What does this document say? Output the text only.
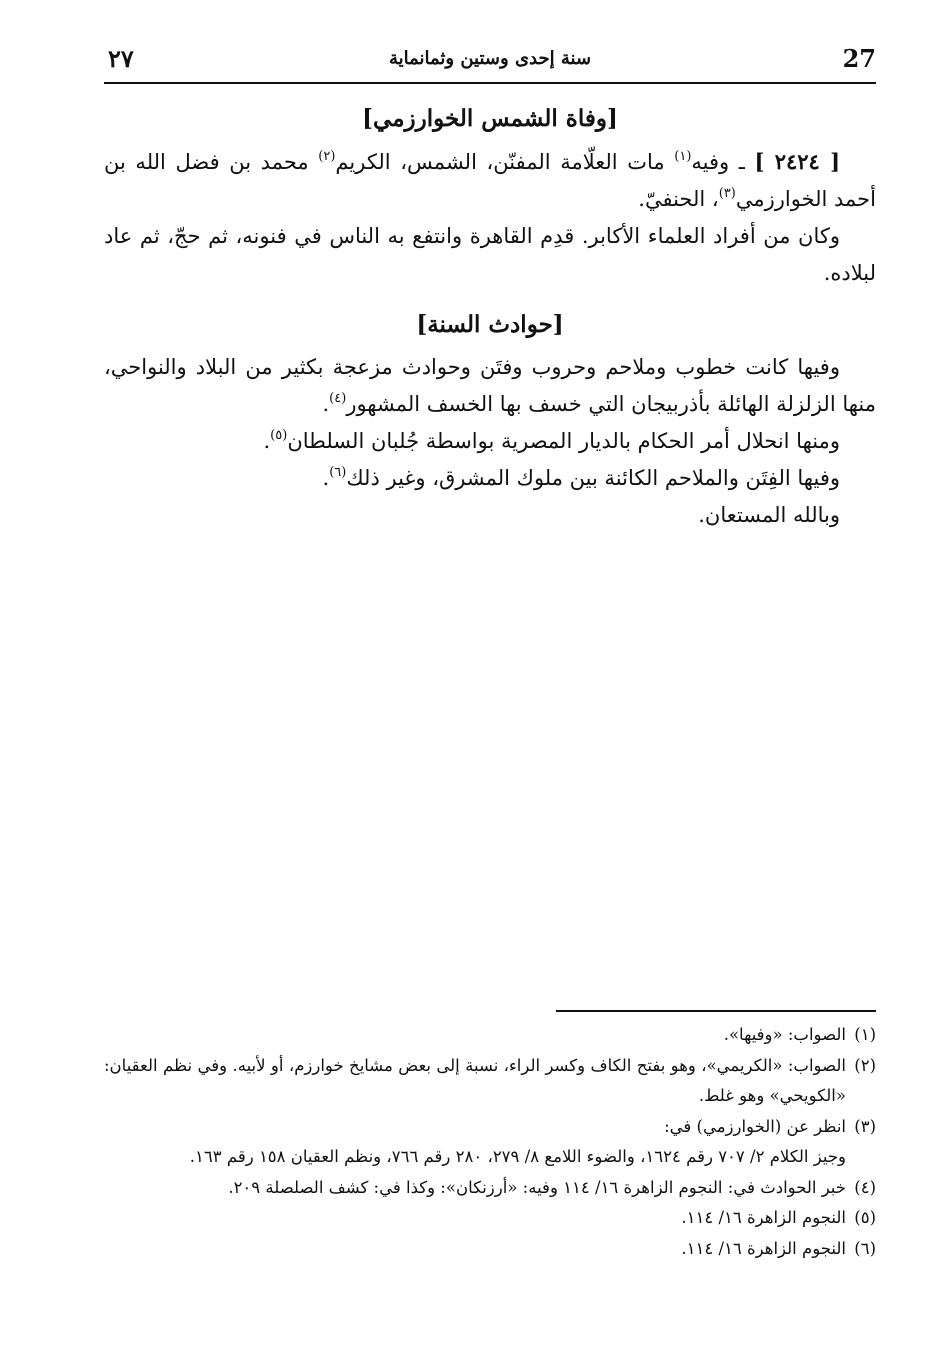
27
سنة إحدى وستين وثمانماية
٢٧
[وفاة الشمس الخوارزمي]

[ ٢٤٢٤ ] ـ وفيه$^{(١)}$ مات العلّامة المفنّن، الشمس، الكريم$^{(٢)}$ محمد بن فضل الله بن أحمد الخوارزمي$^{(٣)}$، الحنفيّ.

وكان من أفراد العلماء الأكابر. قدِم القاهرة وانتفع به الناس في فنونه، ثم حجّ، ثم عاد لبلاده.

[حوادث السنة]

وفيها كانت خطوب وملاحم وحروب وفتَن وحوادث مزعجة بكثير من البلاد والنواحي، منها الزلزلة الهائلة بأذربيجان التي خسف بها الخسف المشهور$^{(٤)}$.

ومنها انحلال أمر الحكام بالديار المصرية بواسطة جُلبان السلطان$^{(٥)}$.

وفيها الفِتَن والملاحم الكائنة بين ملوك المشرق، وغير ذلك$^{(٦)}$.

وبالله المستعان.

(١)
الصواب: «وفيها».
(٢)
الصواب: «الكريمي»، وهو بفتح الكاف وكسر الراء، نسبة إلى بعض مشايخ خوارزم، أو لأبيه. وفي نظم العقيان: «الكويحي» وهو غلط.
(٣)
انظر عن (الخوارزمي) في:
وجيز الكلام ٢/ ٧٠٧ رقم ١٦٢٤، والضوء اللامع ٨/ ٢٧٩، ٢٨٠ رقم ٧٦٦، ونظم العقيان ١٥٨ رقم ١٦٣.
(٤)
خبر الحوادث في: النجوم الزاهرة ١٦/ ١١٤ وفيه: «أرزنكان»: وكذا في: كشف الصلصلة ٢٠٩.
(٥)
النجوم الزاهرة ١٦/ ١١٤.
(٦)
النجوم الزاهرة ١٦/ ١١٤.
